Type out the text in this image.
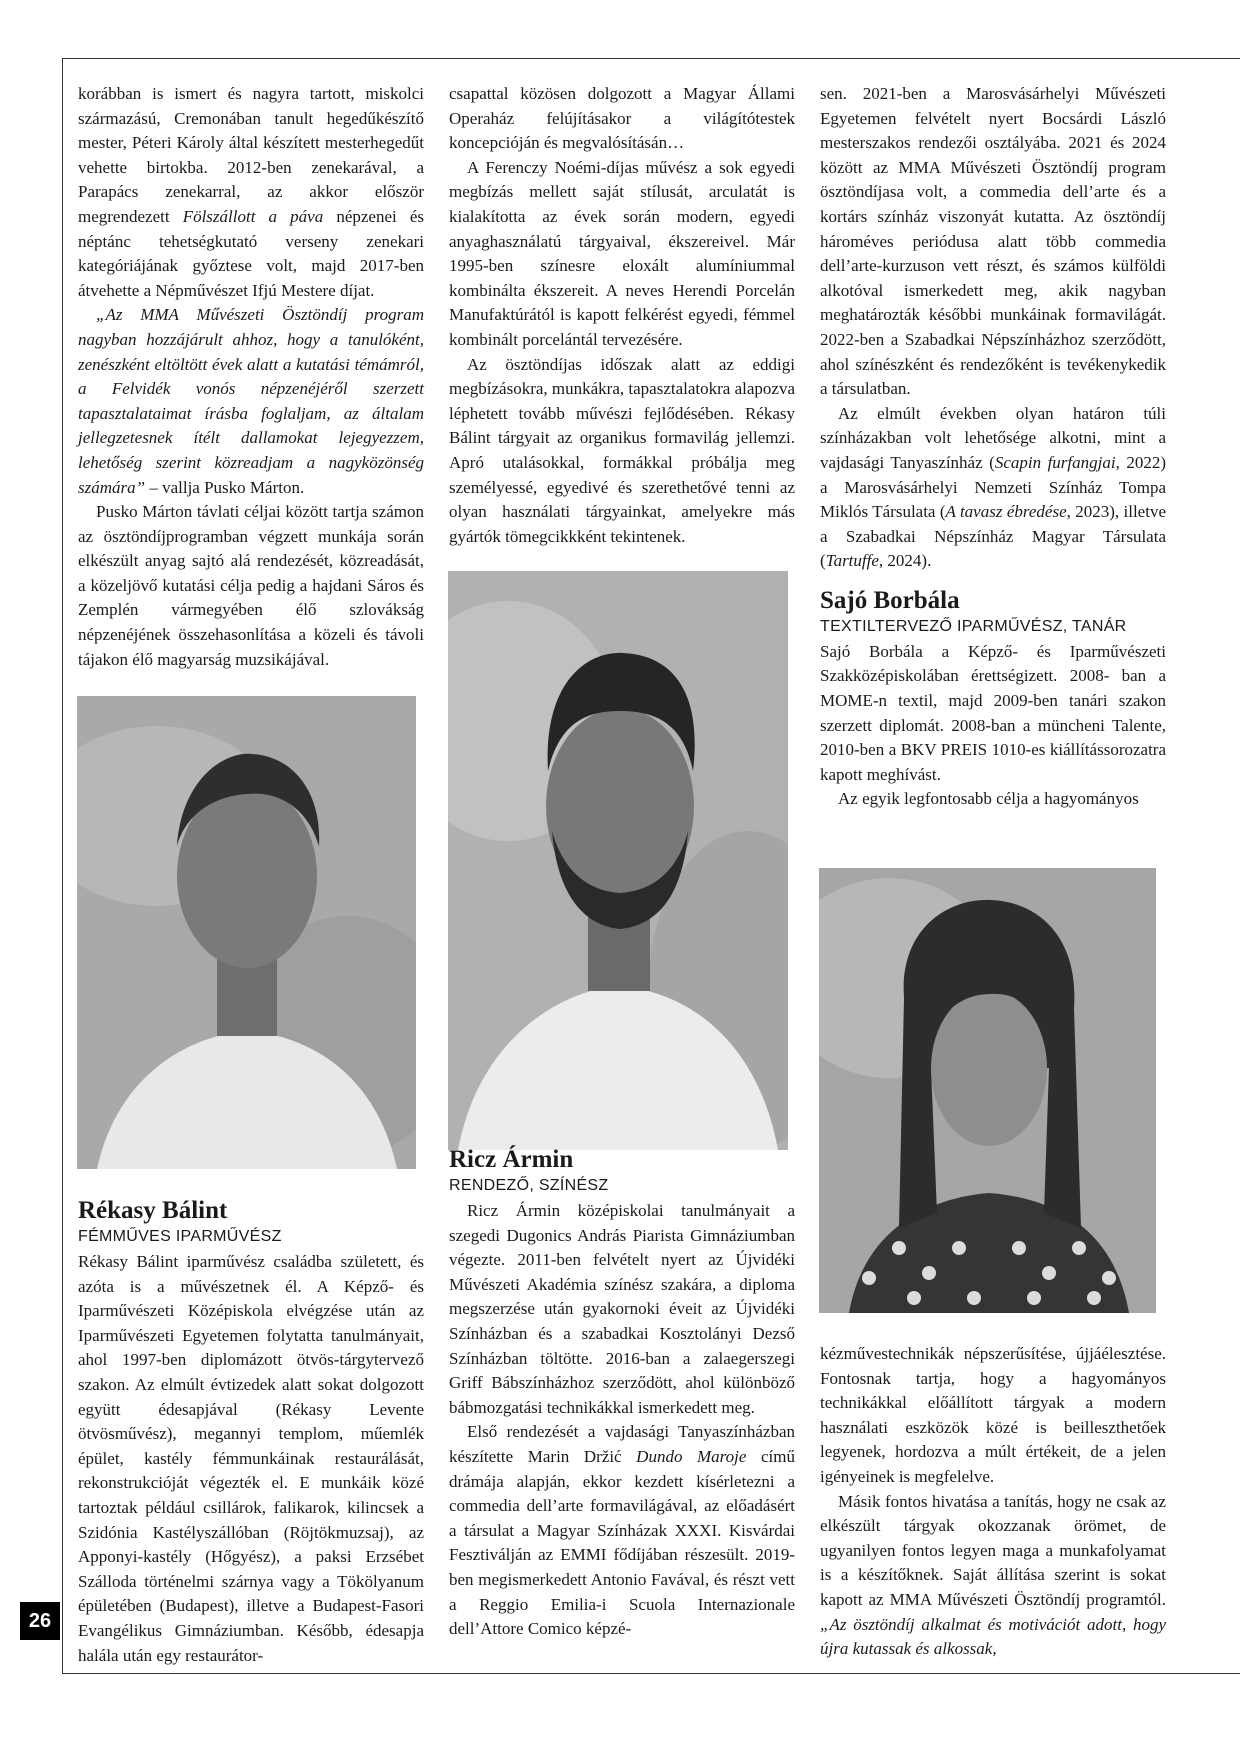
korábban is ismert és nagyra tartott, miskolci származású, Cremonában tanult hegedűkészítő mester, Péteri Károly által készített mesterhegedűt vehette birtokba. 2012-ben zenekarával, a Parapács zenekarral, az akkor először megrendezett Fölszállott a páva népzenei és néptánc tehetségkutató verseny zenekari kategóriájának győztese volt, majd 2017-ben átvehette a Népművészet Ifjú Mestere díjat.

„Az MMA Művészeti Ösztöndíj program nagyban hozzájárult ahhoz, hogy a tanulóként, zenészként eltöltött évek alatt a kutatási témámról, a Felvidék vonós népzenéjéről szerzett tapasztalataimat írásba foglaljam, az általam jellegzetesnek ítélt dallamokat lejegyezzem, lehetőség szerint közreadjam a nagyközönség számára” – vallja Pusko Márton.

Pusko Márton távlati céljai között tartja számon az ösztöndíjprogramban végzett munkája során elkészült anyag sajtó alá rendezését, közreadását, a közeljövő kutatási célja pedig a hajdani Sáros és Zemplén vármegyében élő szlovákság népzenéjének összehasonlítása a közeli és távoli tájakon élő magyarság muzsikájával.

Rékasy Bálint
FÉMMŰVES IPARMŰVÉSZ

Rékasy Bálint iparművész családba született, és azóta is a művészetnek él. A Képző- és Iparművészeti Középiskola elvégzése után az Iparművészeti Egyetemen folytatta tanulmányait, ahol 1997-ben diplomázott ötvös-tárgytervező szakon. Az elmúlt évtizedek alatt sokat dolgozott együtt édesapjával (Rékasy Levente ötvösművész), megannyi templom, műemlék épület, kastély fémmunkáinak restaurálását, rekonstrukcióját végezték el. E munkáik közé tartoztak például csillárok, falikarok, kilincsek a Szidónia Kastélyszállóban (Röjtökmuzsaj), az Apponyi-kastély (Hőgyész), a paksi Erzsébet Szálloda történelmi szárnya vagy a Tökölyanum épületében (Budapest), illetve a Budapest-Fasori Evangélikus Gimnáziumban. Később, édesapja halála után egy restaurátor-

csapattal közösen dolgozott a Magyar Állami Operaház felújításakor a világítótestek koncepcióján és megvalósításán…

A Ferenczy Noémi-díjas művész a sok egyedi megbízás mellett saját stílusát, arculatát is kialakította az évek során modern, egyedi anyaghasználatú tárgyaival, ékszereivel. Már 1995-ben színesre eloxált alumíniummal kombinálta ékszereit. A neves Herendi Porcelán Manufaktúrától is kapott felkérést egyedi, fémmel kombinált porcelántál tervezésére.

Az ösztöndíjas időszak alatt az eddigi megbízásokra, munkákra, tapasztalatokra alapozva léphetett tovább művészi fejlődésében. Rékasy Bálint tárgyait az organikus formavilág jellemzi. Apró utalásokkal, formákkal próbálja meg személyessé, egyedivé és szerethetővé tenni az olyan használati tárgyainkat, amelyekre más gyártók tömegcikkként tekintenek.

Ricz Ármin
RENDEZŐ, SZÍNÉSZ

Ricz Ármin középiskolai tanulmányait a szegedi Dugonics András Piarista Gimnáziumban végezte. 2011-ben felvételt nyert az Újvidéki Művészeti Akadémia színész szakára, a diploma megszerzése után gyakornoki éveit az Újvidéki Színházban és a szabadkai Kosztolányi Dezső Színházban töltötte. 2016-ban a zalaegerszegi Griff Bábszínházhoz szerződött, ahol különböző bábmozgatási technikákkal ismerkedett meg.

Első rendezését a vajdasági Tanyaszínházban készítette Marin Držić Dundo Maroje című drámája alapján, ekkor kezdett kísérletezni a commedia dell’arte formavilágával, az előadásért a társulat a Magyar Színházak XXXI. Kisvárdai Fesztiválján az EMMI fődíjában részesült. 2019-ben megismerkedett Antonio Favával, és részt vett a Reggio Emilia-i Scuola Internazionale dell’Attore Comico képzé-

sen. 2021-ben a Marosvásárhelyi Művészeti Egyetemen felvételt nyert Bocsárdi László mesterszakos rendezői osztályába. 2021 és 2024 között az MMA Művészeti Ösztöndíj program ösztöndíjasa volt, a commedia dell’arte és a kortárs színház viszonyát kutatta. Az ösztöndíj hároméves periódusa alatt több commedia dell’arte-kurzuson vett részt, és számos külföldi alkotóval ismerkedett meg, akik nagyban meghatározták későbbi munkáinak formavilágát. 2022-ben a Szabadkai Népszínházhoz szerződött, ahol színészként és rendezőként is tevékenykedik a társulatban.

Az elmúlt években olyan határon túli színházakban volt lehetősége alkotni, mint a vajdasági Tanyaszínház (Scapin furfangjai, 2022) a Marosvásárhelyi Nemzeti Színház Tompa Miklós Társulata (A tavasz ébredése, 2023), illetve a Szabadkai Népszínház Magyar Társulata (Tartuffe, 2024).

Sajó Borbála
TEXTILTERVEZŐ IPARMŰVÉSZ, TANÁR

Sajó Borbála a Képző- és Iparművészeti Szakközépiskolában érettségizett. 2008- ban a MOME-n textil, majd 2009-ben tanári szakon szerzett diplomát. 2008-ban a müncheni Talente, 2010-ben a BKV PREIS 1010-es kiállítássorozatra kapott meghívást.

Az egyik legfontosabb célja a hagyományos

kézművestechnikák népszerűsítése, újjáélesztése. Fontosnak tartja, hogy a hagyományos technikákkal előállított tárgyak a modern használati eszközök közé is beilleszthetőek legyenek, hordozva a múlt értékeit, de a jelen igényeinek is megfelelve.

Másik fontos hivatása a tanítás, hogy ne csak az elkészült tárgyak okozzanak örömet, de ugyanilyen fontos legyen maga a munkafolyamat is a készítőknek. Saját állítása szerint is sokat kapott az MMA Művészeti Ösztöndíj programtól. „Az ösztöndíj alkalmat és motivációt adott, hogy újra kutassak és alkossak,

26
